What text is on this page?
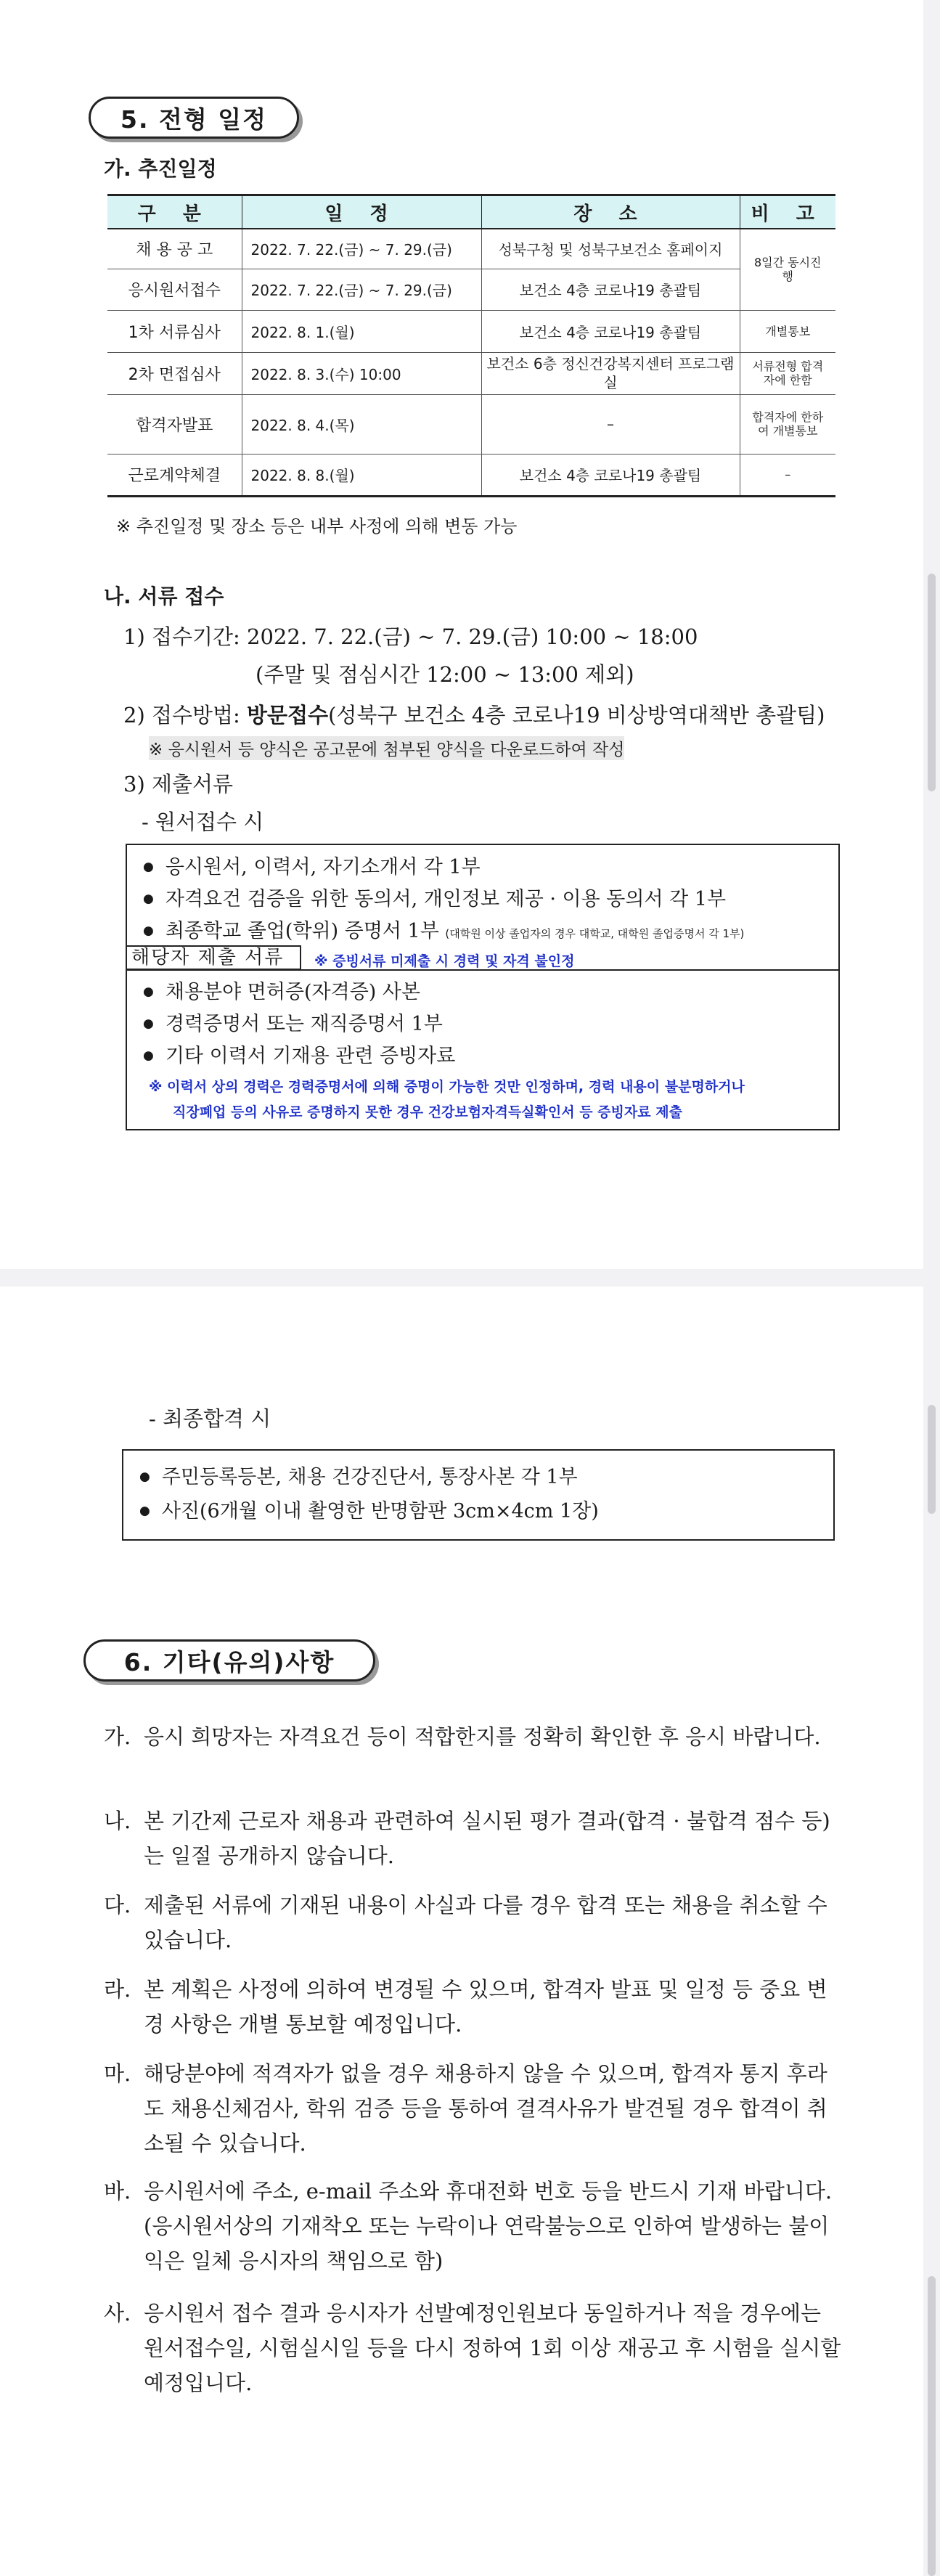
5. 전형 일정
가. 추진일정
구 분	일 정	장 소	비 고
채 용 공 고	2022. 7. 22.(금) ~ 7. 29.(금)	성북구청 및 성북구보건소 홈페이지	8일간 동시진행
응시원서접수	2022. 7. 22.(금) ~ 7. 29.(금)	보건소 4층 코로나19 총괄팀	
1차 서류심사	2022. 8. 1.(월)	보건소 4층 코로나19 총괄팀	개별통보
2차 면접심사	2022. 8. 3.(수) 10:00	보건소 6층 정신건강복지센터 프로그램실	서류전형 합격자에 한함
합격자발표	2022. 8. 4.(목)	–	합격자에 한하여 개별통보
근로계약체결	2022. 8. 8.(월)	보건소 4층 코로나19 총괄팀	–
※ 추진일정 및 장소 등은 내부 사정에 의해 변동 가능
나. 서류 접수
1) 접수기간: 2022. 7. 22.(금) ~ 7. 29.(금) 10:00 ~ 18:00
(주말 및 점심시간 12:00 ~ 13:00 제외)
2) 접수방법: 방문접수(성북구 보건소 4층 코로나19 비상방역대책반 총괄팀)
※ 응시원서 등 양식은 공고문에 첨부된 양식을 다운로드하여 작성
3) 제출서류
- 원서접수 시
● 응시원서, 이력서, 자기소개서 각 1부
● 자격요건 검증을 위한 동의서, 개인정보 제공 · 이용 동의서 각 1부
● 최종학교 졸업(학위) 증명서 1부 (대학원 이상 졸업자의 경우 대학교, 대학원 졸업증명서 각 1부)
해당자 제출 서류	※ 증빙서류 미제출 시 경력 및 자격 불인정
● 채용분야 면허증(자격증) 사본
● 경력증명서 또는 재직증명서 1부
● 기타 이력서 기재용 관련 증빙자료
※ 이력서 상의 경력은 경력증명서에 의해 증명이 가능한 것만 인정하며, 경력 내용이 불분명하거나
직장폐업 등의 사유로 증명하지 못한 경우 건강보험자격득실확인서 등 증빙자료 제출
- 최종합격 시
● 주민등록등본, 채용 건강진단서, 통장사본 각 1부
● 사진(6개월 이내 촬영한 반명함판 3cm×4cm 1장)
6. 기타(유의)사항
가. 응시 희망자는 자격요건 등이 적합한지를 정확히 확인한 후 응시 바랍니다.
나. 본 기간제 근로자 채용과 관련하여 실시된 평가 결과(합격 · 불합격 점수 등)는 일절 공개하지 않습니다.
다. 제출된 서류에 기재된 내용이 사실과 다를 경우 합격 또는 채용을 취소할 수 있습니다.
라. 본 계획은 사정에 의하여 변경될 수 있으며, 합격자 발표 및 일정 등 중요 변경 사항은 개별 통보할 예정입니다.
마. 해당분야에 적격자가 없을 경우 채용하지 않을 수 있으며, 합격자 통지 후라도 채용신체검사, 학위 검증 등을 통하여 결격사유가 발견될 경우 합격이 취소될 수 있습니다.
바. 응시원서에 주소, e-mail 주소와 휴대전화 번호 등을 반드시 기재 바랍니다. (응시원서상의 기재착오 또는 누락이나 연락불능으로 인하여 발생하는 불이익은 일체 응시자의 책임으로 함)
사. 응시원서 접수 결과 응시자가 선발예정인원보다 동일하거나 적을 경우에는 원서접수일, 시험실시일 등을 다시 정하여 1회 이상 재공고 후 시험을 실시할 예정입니다.
